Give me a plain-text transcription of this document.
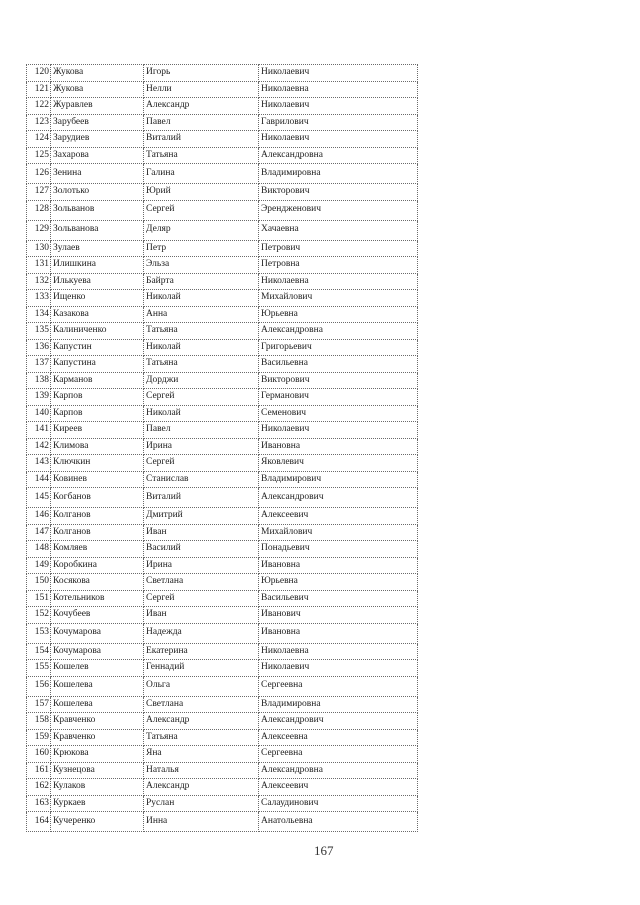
120	Жукова	Игорь	Николаевич
121	Жукова	Нелли	Николаевна
122	Журавлев	Александр	Николаевич
123	Зарубеев	Павел	Гаврилович
124	Зарудиев	Виталий	Николаевич
125	Захарова	Татьяна	Александровна
126	Зенина	Галина	Владимировна
127	Золотько	Юрий	Викторович
128	Зольванов	Сергей	Эрендженович
129	Зольванова	Деляр	Хачаевна
130	Зулаев	Петр	Петрович
131	Илишкина	Эльза	Петровна
132	Илькуева	Байрта	Николаевна
133	Ищенко	Николай	Михайлович
134	Казакова	Анна	Юрьевна
135	Калиниченко	Татьяна	Александровна
136	Капустин	Николай	Григорьевич
137	Капустина	Татьяна	Васильевна
138	Карманов	Дорджи	Викторович
139	Карпов	Сергей	Германович
140	Карпов	Николай	Семенович
141	Киреев	Павел	Николаевич
142	Климова	Ирина	Ивановна
143	Ключкин	Сергей	Яковлевич
144	Ковинев	Станислав	Владимирович
145	Когбанов	Виталий	Александрович
146	Колганов	Дмитрий	Алексеевич
147	Колганов	Иван	Михайлович
148	Комляев	Василий	Понадьевич
149	Коробкина	Ирина	Ивановна
150	Косякова	Светлана	Юрьевна
151	Котельников	Сергей	Васильевич
152	Кочубеев	Иван	Иванович
153	Кочумарова	Надежда	Ивановна
154	Кочумарова	Екатерина	Николаевна
155	Кошелев	Геннадий	Николаевич
156	Кошелева	Ольга	Сергеевна
157	Кошелева	Светлана	Владимировна
158	Кравченко	Александр	Александрович
159	Кравченко	Татьяна	Алексеевна
160	Крюкова	Яна	Сергеевна
161	Кузнецова	Наталья	Александровна
162	Кулаков	Александр	Алексеевич
163	Куркаев	Руслан	Салаудинович
164	Кучеренко	Инна	Анатольевна
167
